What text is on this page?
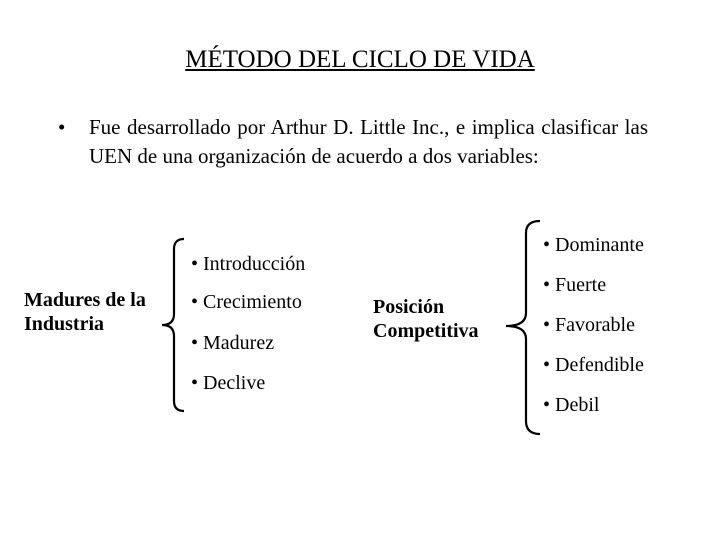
MÉTODO DEL CICLO DE VIDA
• Fue desarrollado por Arthur D. Little Inc., e implica clasificar las UEN de una organización de acuerdo a dos variables:
Madures de la
Industria
• Introducción
• Crecimiento
• Madurez
• Declive
Posición
Competitiva
• Dominante
• Fuerte
• Favorable
• Defendible
• Debil
